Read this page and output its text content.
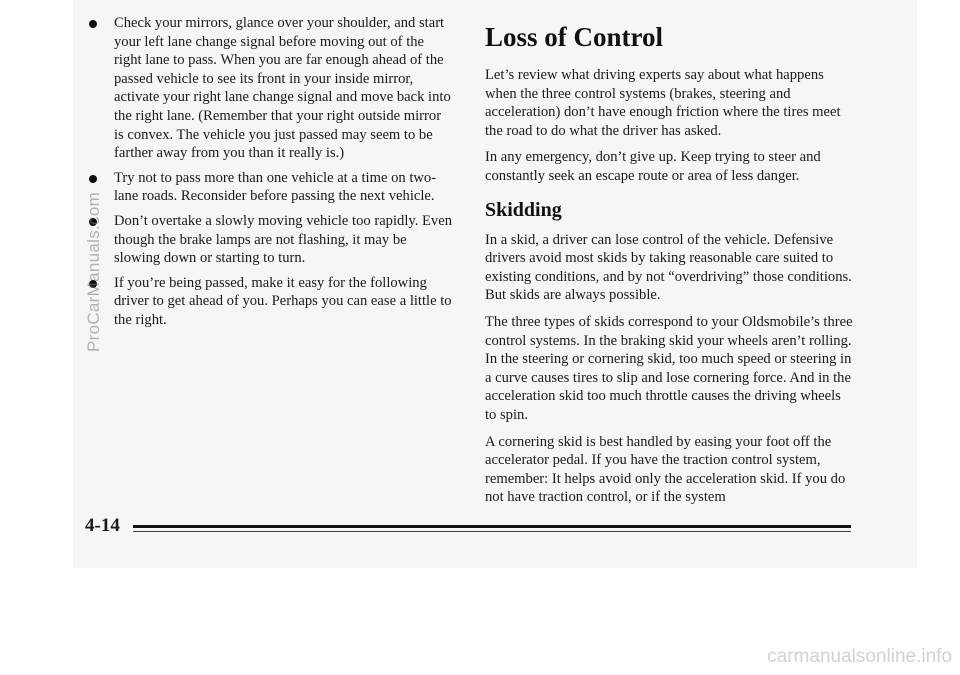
Check your mirrors, glance over your shoulder, and start your left lane change signal before moving out of the right lane to pass. When you are far enough ahead of the passed vehicle to see its front in your inside mirror, activate your right lane change signal and move back into the right lane. (Remember that your right outside mirror is convex. The vehicle you just passed may seem to be farther away from you than it really is.)
Try not to pass more than one vehicle at a time on two-lane roads. Reconsider before passing the next vehicle.
Don’t overtake a slowly moving vehicle too rapidly. Even though the brake lamps are not flashing, it may be slowing down or starting to turn.
If you’re being passed, make it easy for the following driver to get ahead of you. Perhaps you can ease a little to the right.
Loss of Control

Let’s review what driving experts say about what happens when the three control systems (brakes, steering and acceleration) don’t have enough friction where the tires meet the road to do what the driver has asked.

In any emergency, don’t give up. Keep trying to steer and constantly seek an escape route or area of less danger.

Skidding

In a skid, a driver can lose control of the vehicle. Defensive drivers avoid most skids by taking reasonable care suited to existing conditions, and by not “overdriving” those conditions. But skids are always possible.

The three types of skids correspond to your Oldsmobile’s three control systems. In the braking skid your wheels aren’t rolling. In the steering or cornering skid, too much speed or steering in a curve causes tires to slip and lose cornering force. And in the acceleration skid too much throttle causes the driving wheels to spin.

A cornering skid is best handled by easing your foot off the accelerator pedal. If you have the traction control system, remember: It helps avoid only the acceleration skid. If you do not have traction control, or if the system

4-14
ProCarManuals.com
carmanualsonline.info
